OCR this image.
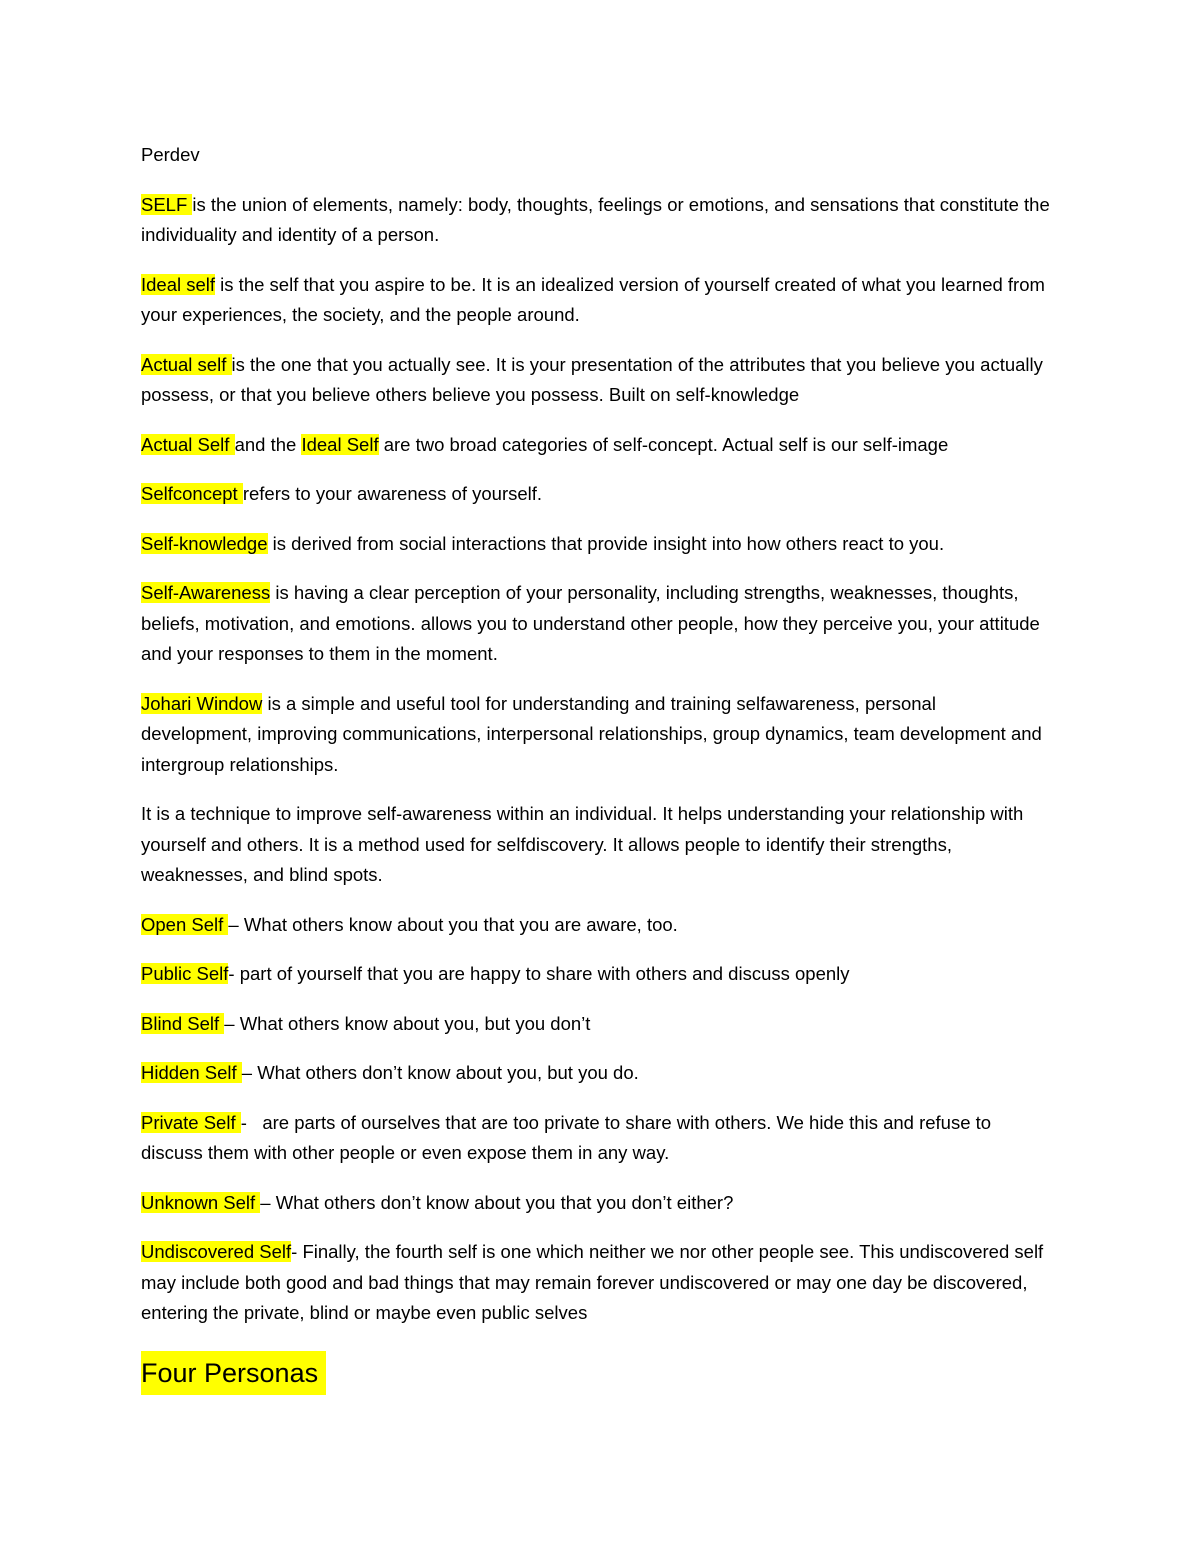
Perdev

SELF is the union of elements, namely: body, thoughts, feelings or emotions, and sensations that constitute the individuality and identity of a person.

Ideal self is the self that you aspire to be. It is an idealized version of yourself created of what you learned from your experiences, the society, and the people around.

Actual self is the one that you actually see. It is your presentation of the attributes that you believe you actually possess, or that you believe others believe you possess. Built on self-knowledge

Actual Self and the Ideal Self are two broad categories of self-concept. Actual self is our self-image

Selfconcept refers to your awareness of yourself.

Self-knowledge is derived from social interactions that provide insight into how others react to you.

Self-Awareness is having a clear perception of your personality, including strengths, weaknesses, thoughts, beliefs, motivation, and emotions. allows you to understand other people, how they perceive you, your attitude and your responses to them in the moment.

Johari Window is a simple and useful tool for understanding and training selfawareness, personal development, improving communications, interpersonal relationships, group dynamics, team development and intergroup relationships.

It is a technique to improve self-awareness within an individual. It helps understanding your relationship with yourself and others. It is a method used for selfdiscovery. It allows people to identify their strengths, weaknesses, and blind spots.

Open Self – What others know about you that you are aware, too.

Public Self- part of yourself that you are happy to share with others and discuss openly

Blind Self – What others know about you, but you don’t

Hidden Self – What others don’t know about you, but you do.

Private Self -   are parts of ourselves that are too private to share with others. We hide this and refuse to discuss them with other people or even expose them in any way.

Unknown Self – What others don’t know about you that you don’t either?

Undiscovered Self- Finally, the fourth self is one which neither we nor other people see. This undiscovered self may include both good and bad things that may remain forever undiscovered or may one day be discovered, entering the private, blind or maybe even public selves

Four Personas
